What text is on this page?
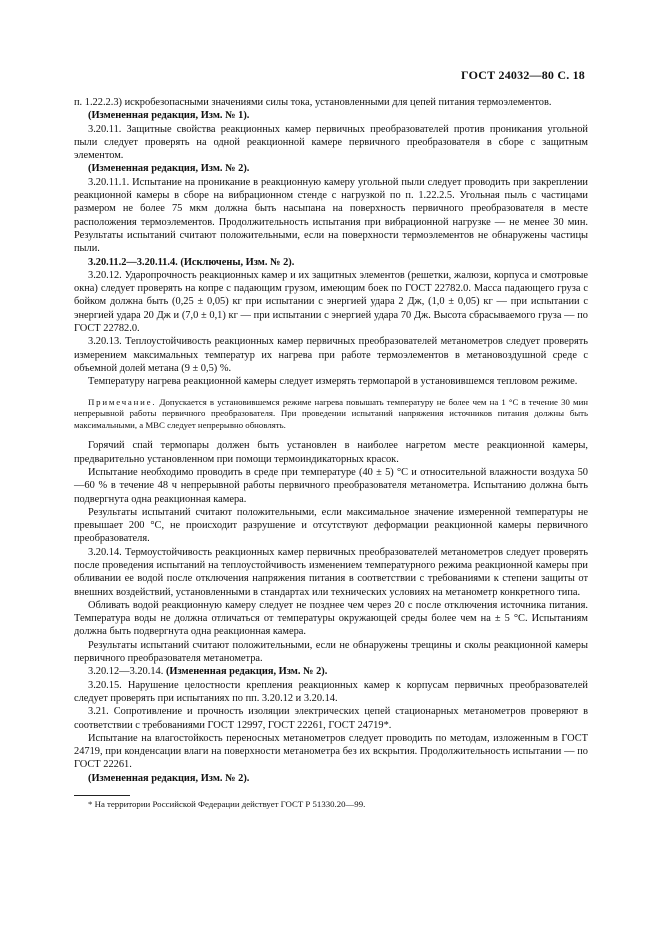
ГОСТ 24032—80 С. 18

п. 1.22.2.3) искробезопасными значениями силы тока, установленными для цепей питания термоэлементов.

(Измененная редакция, Изм. № 1).

3.20.11. Защитные свойства реакционных камер первичных преобразователей против проникания угольной пыли следует проверять на одной реакционной камере первичного преобразователя в сборе с защитным элементом.

(Измененная редакция, Изм. № 2).

3.20.11.1. Испытание на проникание в реакционную камеру угольной пыли следует проводить при закреплении реакционной камеры в сборе на вибрационном стенде с нагрузкой по п. 1.22.2.5. Угольная пыль с частицами размером не более 75 мкм должна быть насыпана на поверхность первичного преобразователя в месте расположения термоэлементов. Продолжительность испытания при вибрационной нагрузке — не менее 30 мин. Результаты испытаний считают положительными, если на поверхности термоэлементов не обнаружены частицы пыли.

3.20.11.2—3.20.11.4. (Исключены, Изм. № 2).

3.20.12. Ударопрочность реакционных камер и их защитных элементов (решетки, жалюзи, корпуса и смотровые окна) следует проверять на копре с падающим грузом, имеющим боек по ГОСТ 22782.0. Масса падающего груза с бойком должна быть (0,25 ± 0,05) кг при испытании с энергией удара 2 Дж, (1,0 ± 0,05) кг — при испытании с энергией удара 20 Дж и (7,0 ± 0,1) кг — при испытании с энергией удара 70 Дж. Высота сбрасываемого груза — по ГОСТ 22782.0.

3.20.13. Теплоустойчивость реакционных камер первичных преобразователей метанометров следует проверять измерением максимальных температур их нагрева при работе термоэлементов в метановоздушной среде с объемной долей метана (9 ± 0,5) %.

Температуру нагрева реакционной камеры следует измерять термопарой в установившемся тепловом режиме.

Примечание. Допускается в установившемся режиме нагрева повышать температуру не более чем на 1 °С в течение 30 мин непрерывной работы первичного преобразователя. При проведении испытаний напряжения источников питания должны быть максимальными, а МВС следует непрерывно обновлять.

Горячий спай термопары должен быть установлен в наиболее нагретом месте реакционной камеры, предварительно установленном при помощи термоиндикаторных красок.

Испытание необходимо проводить в среде при температуре (40 ± 5) °С и относительной влажности воздуха 50—60 % в течение 48 ч непрерывной работы первичного преобразователя метанометра. Испытанию должна быть подвергнута одна реакционная камера.

Результаты испытаний считают положительными, если максимальное значение измеренной температуры не превышает 200 °С, не происходит разрушение и отсутствуют деформации реакционной камеры первичного преобразователя.

3.20.14. Термоустойчивость реакционных камер первичных преобразователей метанометров следует проверять после проведения испытаний на теплоустойчивость изменением температурного режима реакционной камеры при обливании ее водой после отключения напряжения питания в соответствии с требованиями к степени защиты от внешних воздействий, установленными в стандартах или технических условиях на метанометр конкретного типа.

Обливать водой реакционную камеру следует не позднее чем через 20 с после отключения источника питания. Температура воды не должна отличаться от температуры окружающей среды более чем на ± 5 °С. Испытаниям должна быть подвергнута одна реакционная камера.

Результаты испытаний считают положительными, если не обнаружены трещины и сколы реакционной камеры первичного преобразователя метанометра.

3.20.12—3.20.14. (Измененная редакция, Изм. № 2).

3.20.15. Нарушение целостности крепления реакционных камер к корпусам первичных преобразователей следует проверять при испытаниях по пп. 3.20.12 и 3.20.14.

3.21. Сопротивление и прочность изоляции электрических цепей стационарных метанометров проверяют в соответствии с требованиями ГОСТ 12997, ГОСТ 22261, ГОСТ 24719*.

Испытание на влагостойкость переносных метанометров следует проводить по методам, изложенным в ГОСТ 24719, при конденсации влаги на поверхности метанометра без их вскрытия. Продолжительность испытании — по ГОСТ 22261.

(Измененная редакция, Изм. № 2).

* На территории Российской Федерации действует ГОСТ Р 51330.20—99.
